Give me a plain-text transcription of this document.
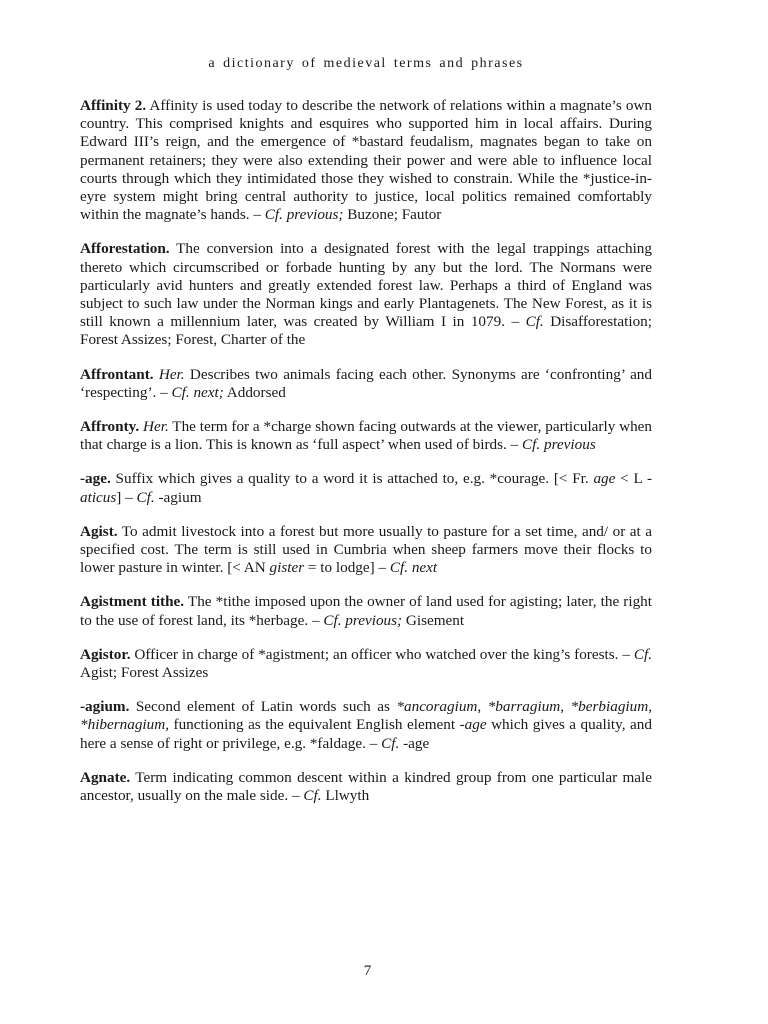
a dictionary of medieval terms and phrases

Affinity 2. Affinity is used today to describe the network of relations within a magnate’s own country. This comprised knights and esquires who supported him in local affairs. During Edward III’s reign, and the emergence of *bastard feudalism, magnates began to take on permanent retainers; they were also extending their power and were able to influence local courts through which they intimidated those they wished to constrain. While the *justice-in-eyre system might bring central authority to justice, local politics remained comfortably within the magnate’s hands. – Cf. previous; Buzone; Fautor

Afforestation. The conversion into a designated forest with the legal trappings attaching thereto which circumscribed or forbade hunting by any but the lord. The Normans were particularly avid hunters and greatly extended forest law. Perhaps a third of England was subject to such law under the Norman kings and early Plantagenets. The New Forest, as it is still known a millennium later, was created by William I in 1079. – Cf. Disafforestation; Forest Assizes; Forest, Charter of the

Affrontant. Her. Describes two animals facing each other. Synonyms are ‘confronting’ and ‘respecting’. – Cf. next; Addorsed

Affronty. Her. The term for a *charge shown facing outwards at the viewer, particularly when that charge is a lion. This is known as ‘full aspect’ when used of birds. – Cf. previous

-age. Suffix which gives a quality to a word it is attached to, e.g. *courage. [< Fr. age < L -aticus] – Cf. -agium

Agist. To admit livestock into a forest but more usually to pasture for a set time, and/ or at a specified cost. The term is still used in Cumbria when sheep farmers move their flocks to lower pasture in winter. [< AN gister = to lodge] – Cf. next

Agistment tithe. The *tithe imposed upon the owner of land used for agisting; later, the right to the use of forest land, its *herbage. – Cf. previous; Gisement

Agistor. Officer in charge of *agistment; an officer who watched over the king’s forests. – Cf. Agist; Forest Assizes

-agium. Second element of Latin words such as *ancoragium, *barragium, *berbiagium, *hibernagium, functioning as the equivalent English element -age which gives a quality, and here a sense of right or privilege, e.g. *faldage. – Cf. -age

Agnate. Term indicating common descent within a kindred group from one particular male ancestor, usually on the male side. – Cf. Llwyth

7
